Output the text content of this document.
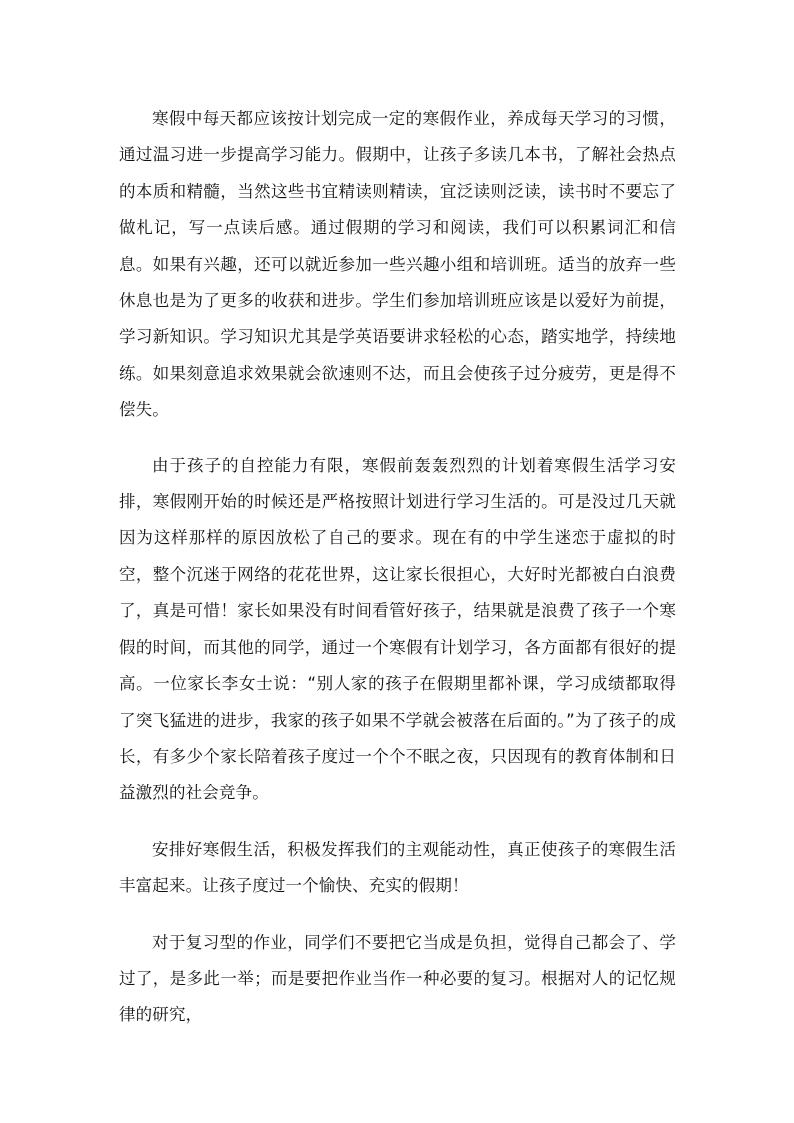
寒假中每天都应该按计划完成一定的寒假作业，养成每天学习的习惯，通过温习进一步提高学习能力。假期中，让孩子多读几本书，了解社会热点的本质和精髓，当然这些书宜精读则精读，宜泛读则泛读，读书时不要忘了做札记，写一点读后感。通过假期的学习和阅读，我们可以积累词汇和信息。如果有兴趣，还可以就近参加一些兴趣小组和培训班。适当的放弃一些休息也是为了更多的收获和进步。学生们参加培训班应该是以爱好为前提，学习新知识。学习知识尤其是学英语要讲求轻松的心态，踏实地学，持续地练。如果刻意追求效果就会欲速则不达，而且会使孩子过分疲劳，更是得不偿失。

由于孩子的自控能力有限，寒假前轰轰烈烈的计划着寒假生活学习安排，寒假刚开始的时候还是严格按照计划进行学习生活的。可是没过几天就因为这样那样的原因放松了自己的要求。现在有的中学生迷恋于虚拟的时空，整个沉迷于网络的花花世界，这让家长很担心，大好时光都被白白浪费了，真是可惜！家长如果没有时间看管好孩子，结果就是浪费了孩子一个寒假的时间，而其他的同学，通过一个寒假有计划学习，各方面都有很好的提高。一位家长李女士说：“别人家的孩子在假期里都补课，学习成绩都取得了突飞猛进的进步，我家的孩子如果不学就会被落在后面的。”为了孩子的成长，有多少个家长陪着孩子度过一个个不眠之夜，只因现有的教育体制和日益激烈的社会竞争。

安排好寒假生活，积极发挥我们的主观能动性，真正使孩子的寒假生活丰富起来。让孩子度过一个愉快、充实的假期！

对于复习型的作业，同学们不要把它当成是负担，觉得自己都会了、学过了，是多此一举；而是要把作业当作一种必要的复习。根据对人的记忆规律的研究，
